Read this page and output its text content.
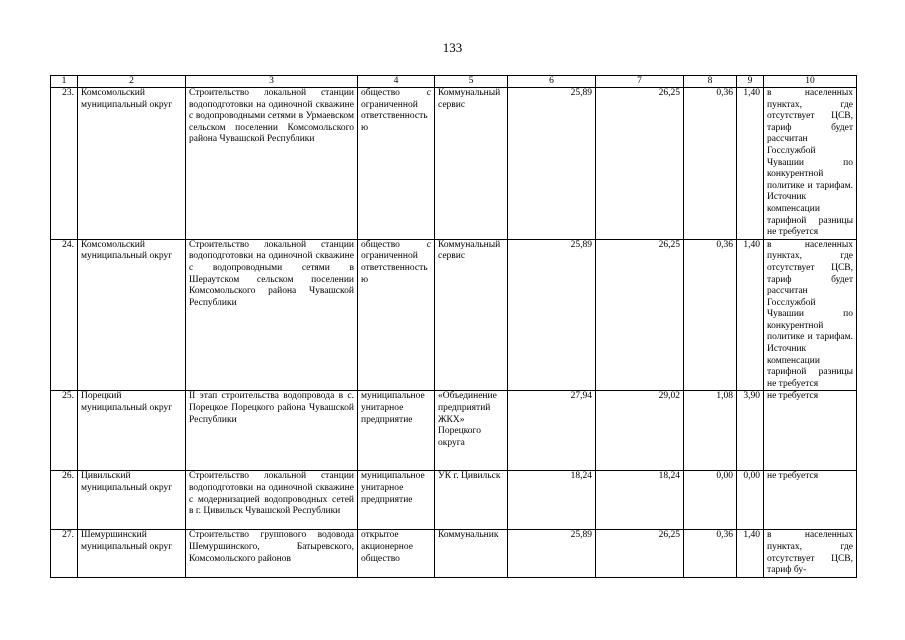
133
1	2	3	4	5	6	7	8	9	10
23.	Комсомольский муниципальный округ	Строительство локальной станции водоподготовки на одиночной скважине с водопроводными сетями в Урмаевском сельском поселении Комсомольского района Чувашской Республики	общество с ограниченной ответственностью	Коммунальный сервис	25,89	26,25	0,36	1,40	в населенных пунктах, где отсутствует ЦСВ, тариф будет рассчитан Госслужбой Чувашии по конкурентной политике и тарифам. Источник компенсации тарифной разницы не требуется
24.	Комсомольский муниципальный округ	Строительство локальной станции водоподготовки на одиночной скважине с водопроводными сетями в Шераутском сельском поселении Комсомольского района Чувашской Республики	общество с ограниченной ответственностью	Коммунальный сервис	25,89	26,25	0,36	1,40	в населенных пунктах, где отсутствует ЦСВ, тариф будет рассчитан Госслужбой Чувашии по конкурентной политике и тарифам. Источник компенсации тарифной разницы не требуется
25.	Порецкий муниципальный округ	II этап строительства водопровода в с. Порецкое Порецкого района Чувашской Республики	муниципальное унитарное предприятие	«Объединение предприятий ЖКХ» Порецкого округа	27,94	29,02	1,08	3,90	не требуется
26.	Цивильский муниципальный округ	Строительство локальной станции водоподготовки на одиночной скважине с модернизацией водопроводных сетей в г. Цивильск Чувашской Республики	муниципальное унитарное предприятие	УК г. Цивильск	18,24	18,24	0,00	0,00	не требуется
27.	Шемуршинский муниципальный округ	Строительство группового водовода Шемуршинского, Батыревского, Комсомольского районов	открытое акционерное общество	Коммунальник	25,89	26,25	0,36	1,40	в населенных пунктах, где отсутствует ЦСВ, тариф бу-
